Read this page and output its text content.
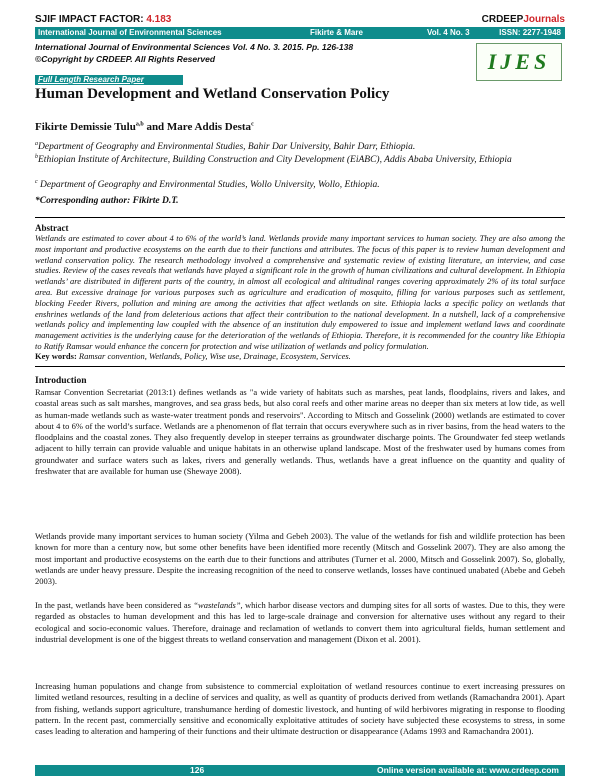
SJIF IMPACT FACTOR: 4.183	CRDEEPJournals
International Journal of Environmental Sciences	Fikirte & Mare	Vol. 4 No. 3	ISSN: 2277-1948
International Journal of Environmental Sciences Vol. 4 No. 3. 2015. Pp. 126-138
©Copyright by CRDEEP. All Rights Reserved	IJES
Full Length Research Paper
Human Development and Wetland Conservation Policy
Fikirte Demissie Tulu$^{a,b}$ and Mare Addis Desta$^c$
$^a$Department of Geography and Environmental Studies, Bahir Dar University, Bahir Darr, Ethiopia.
$^b$Ethiopian Institute of Architecture, Building Construction and City Development (EiABC), Addis Ababa University, Ethiopia
$^c$ Department of Geography and Environmental Studies, Wollo University, Wollo, Ethiopia.
*Corresponding author: Fikirte D.T.
Abstract
Wetlands are estimated to cover about 4 to 6% of the world’s land. Wetlands provide many important services to human society. They are also among the most important and productive ecosystems on the earth due to their functions and attributes. The focus of this paper is to review human development and wetland conservation policy. The research methodology involved a comprehensive and systematic review of existing literature, an interview, and case studies. Review of the cases reveals that wetlands have played a significant role in the growth of human civilizations and cultural development. In Ethiopia wetlands’ are distributed in different parts of the country, in almost all ecological and altitudinal ranges covering approximately 2% of its total surface area. But excessive drainage for various purposes such as agriculture and eradication of mosquito, filling for various purposes such as settlement, blocking Feeder Rivers, pollution and mining are among the activities that affect wetlands on site. Ethiopia lacks a specific policy on wetlands that enshrines wetlands of the land from deleterious actions that affect their contribution to the national development. In a nutshell, lack of a comprehensive wetlands policy and implementing law coupled with the absence of an institution duly empowered to issue and implement wetland laws and coordinate management activities is the underlying cause for the deterioration of the wetlands of Ethiopia. Therefore, it is recommended for the country like Ethiopia to Ratify Ramsar would enhance the concern for protection and wise utilization of wetlands and policy formulation.
Key words: Ramsar convention, Wetlands, Policy, Wise use, Drainage, Ecosystem, Services.
Introduction
Ramsar Convention Secretariat (2013:1) defines wetlands as "a wide variety of habitats such as marshes, peat lands, floodplains, rivers and lakes, and coastal areas such as salt marshes, mangroves, and sea grass beds, but also coral reefs and other marine areas no deeper than six meters at low tide, as well as human-made wetlands such as waste-water treatment ponds and reservoirs". According to Mitsch and Gosselink (2000) wetlands are estimated to cover about 4 to 6% of the world’s surface. Wetlands are a phenomenon of flat terrain that occurs everywhere such as in river basins, from the head waters to the floodplains and the coastal zones. They also frequently develop in steeper terrains as groundwater discharge points. The Groundwater fed steep wetlands adjacent to hilly terrain can provide valuable and unique habitats in an otherwise upland landscape. Most of the freshwater used by humans comes from groundwater and surface waters such as lakes, rivers and generally wetlands. Thus, wetlands have a great influence on the quantity and quality of freshwater that are available for human use (Shewaye 2008).
Wetlands provide many important services to human society (Yilma and Gebeh 2003). The value of the wetlands for fish and wildlife protection has been known for more than a century now, but some other benefits have been identified more recently (Mitsch and Gosselink 2007). They are also among the most important and productive ecosystems on the earth due to their functions and attributes (Turner et al. 2000, Mitsch and Gosselink 2007). So, globally, wetlands are under heavy pressure. Despite the increasing recognition of the need to conserve wetlands, losses have continued unabated (Abebe and Gebeh 2003).
In the past, wetlands have been considered as “wastelands”, which harbor disease vectors and dumping sites for all sorts of wastes. Due to this, they were regarded as obstacles to human development and this has led to large-scale drainage and conversion for alternative uses without any regard to their ecological and socio-economic values. Therefore, drainage and reclamation of wetlands to convert them into agricultural fields, human settlement and industrial development is one of the biggest threats to wetland conservation and management (Dixon et al. 2001).
Increasing human populations and change from subsistence to commercial exploitation of wetland resources continue to exert increasing pressures on limited wetland resources, resulting in a decline of services and quality, as well as quantity of products derived from wetlands (Ramachandra 2001). Apart from fishing, wetlands support agriculture, transhumance herding of domestic livestock, and hunting of wild herbivores migrating in response to flooding pattern. In the recent past, commercially sensitive and economically exploitative attitudes of society have subjected these ecosystems to stress, in some cases leading to alteration and hampering of their functions and their ultimate destruction or disappearance (Adams 1993 and Ramachandra 2001).
126	Online version available at: www.crdeep.com
